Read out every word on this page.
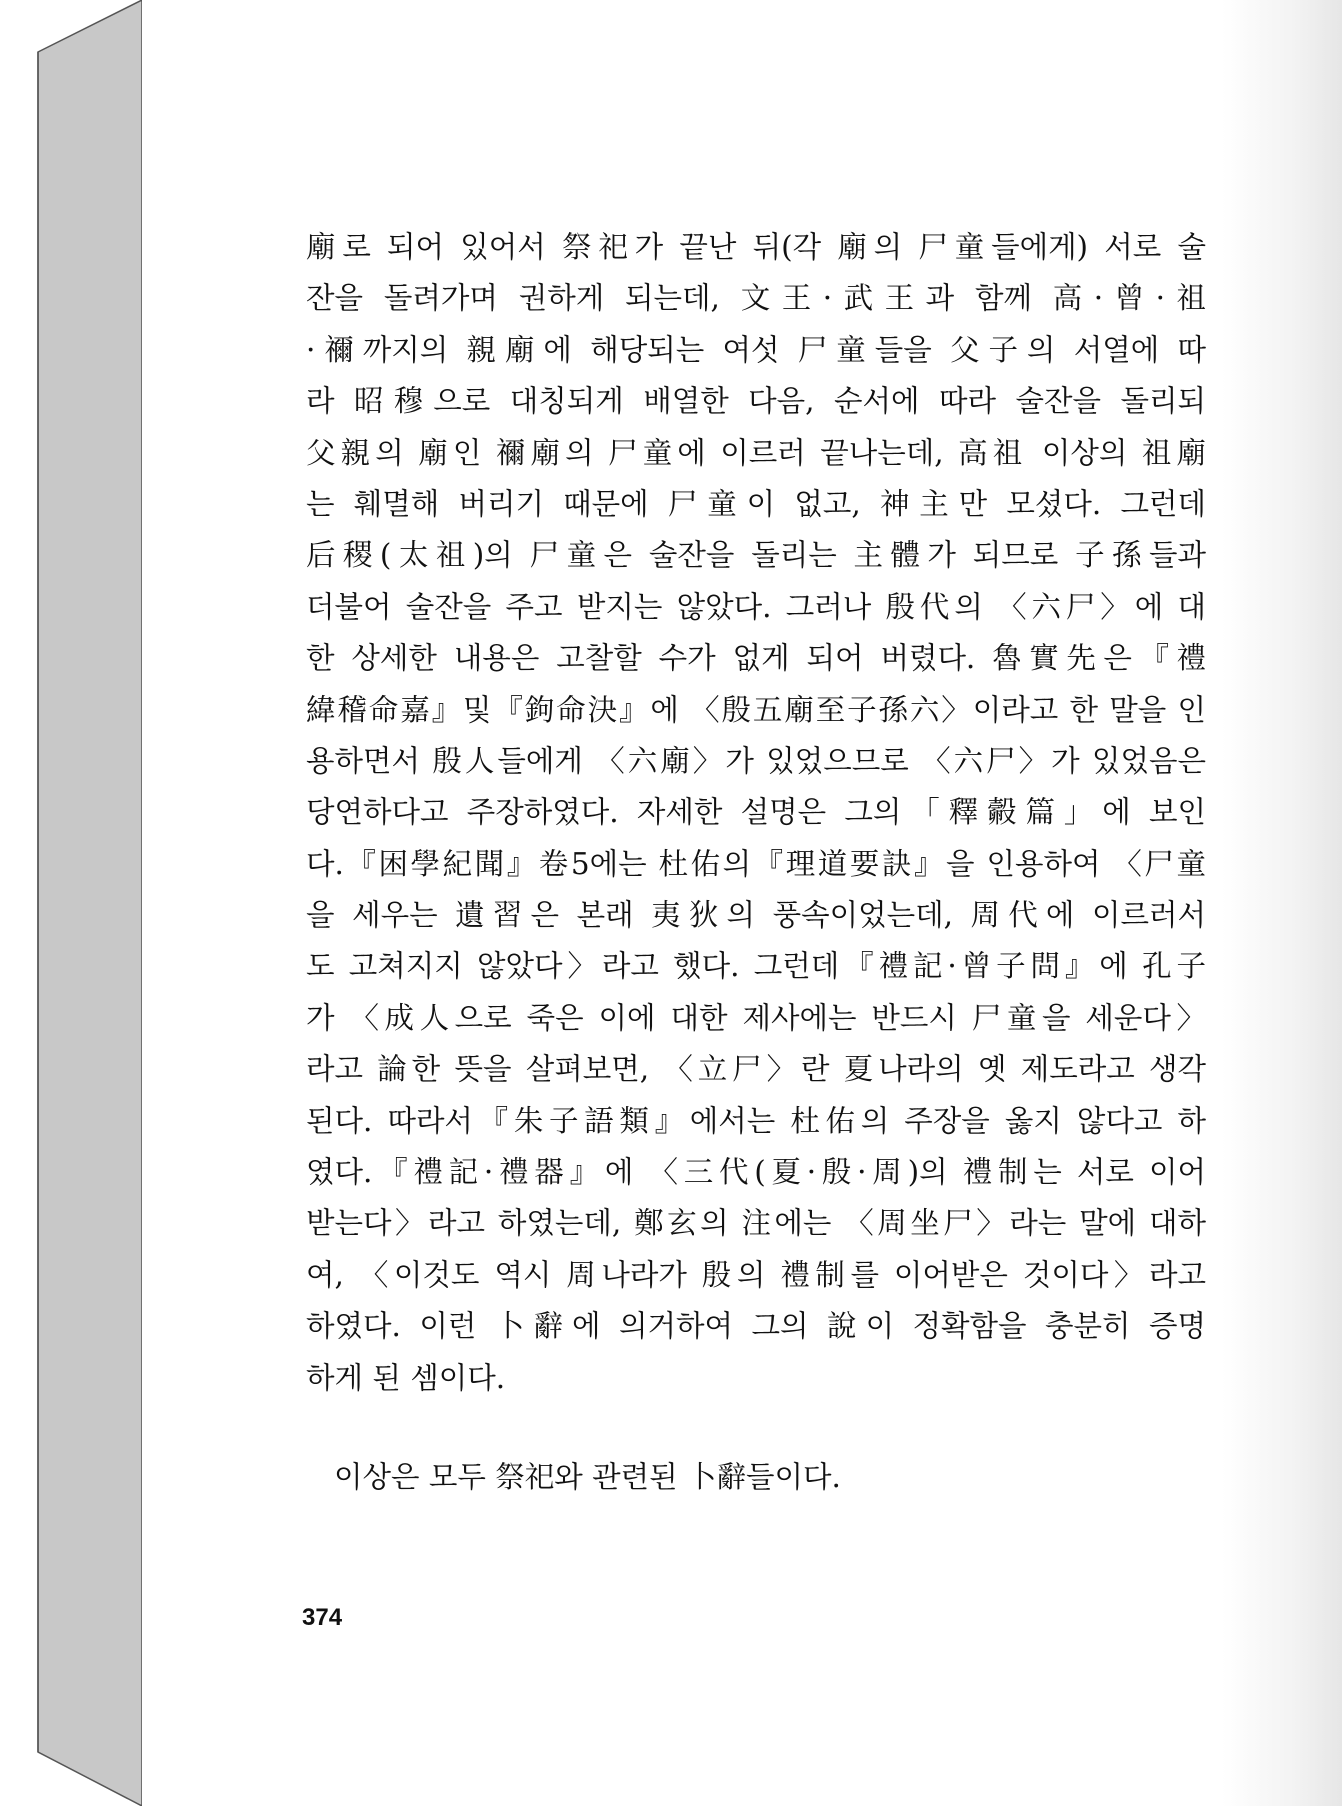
廟로 되어 있어서 祭祀가 끝난 뒤(각 廟의 尸童들에게) 서로 술
잔을 돌려가며 권하게 되는데, 文王·武王과 함께 高·曾·祖
·禰까지의 親廟에 해당되는 여섯 尸童들을 父子의 서열에 따
라 昭穆으로 대칭되게 배열한 다음, 순서에 따라 술잔을 돌리되
父親의 廟인 禰廟의 尸童에 이르러 끝나는데, 高祖 이상의 祖廟
는 훼멸해 버리기 때문에 尸童이 없고, 神主만 모셨다. 그런데
后稷(太祖)의 尸童은 술잔을 돌리는 主體가 되므로 子孫들과
더불어 술잔을 주고 받지는 않았다. 그러나 殷代의 〈六尸〉에 대
한 상세한 내용은 고찰할 수가 없게 되어 버렸다. 魯實先은『禮
緯稽命嘉』및『鉤命決』에 〈殷五廟至子孫六〉이라고 한 말을 인
용하면서 殷人들에게 〈六廟〉가 있었으므로 〈六尸〉가 있었음은
당연하다고 주장하였다. 자세한 설명은 그의「釋㲉篇」에 보인
다.『困學紀聞』卷5에는 杜佑의『理道要訣』을 인용하여 〈尸童
을 세우는 遺習은 본래 夷狄의 풍속이었는데, 周代에 이르러서
도 고쳐지지 않았다〉라고 했다. 그런데『禮記·曾子問』에 孔子
가 〈成人으로 죽은 이에 대한 제사에는 반드시 尸童을 세운다〉
라고 論한 뜻을 살펴보면, 〈立尸〉란 夏나라의 옛 제도라고 생각
된다. 따라서『朱子語類』에서는 杜佑의 주장을 옳지 않다고 하
였다.『禮記·禮器』에 〈三代(夏·殷·周)의 禮制는 서로 이어
받는다〉라고 하였는데, 鄭玄의 注에는 〈周坐尸〉라는 말에 대하
여, 〈이것도 역시 周나라가 殷의 禮制를 이어받은 것이다〉라고
하였다. 이런 卜辭에 의거하여 그의 說이 정확함을 충분히 증명
하게 된 셈이다.
이상은 모두 祭祀와 관련된 卜辭들이다.
374
